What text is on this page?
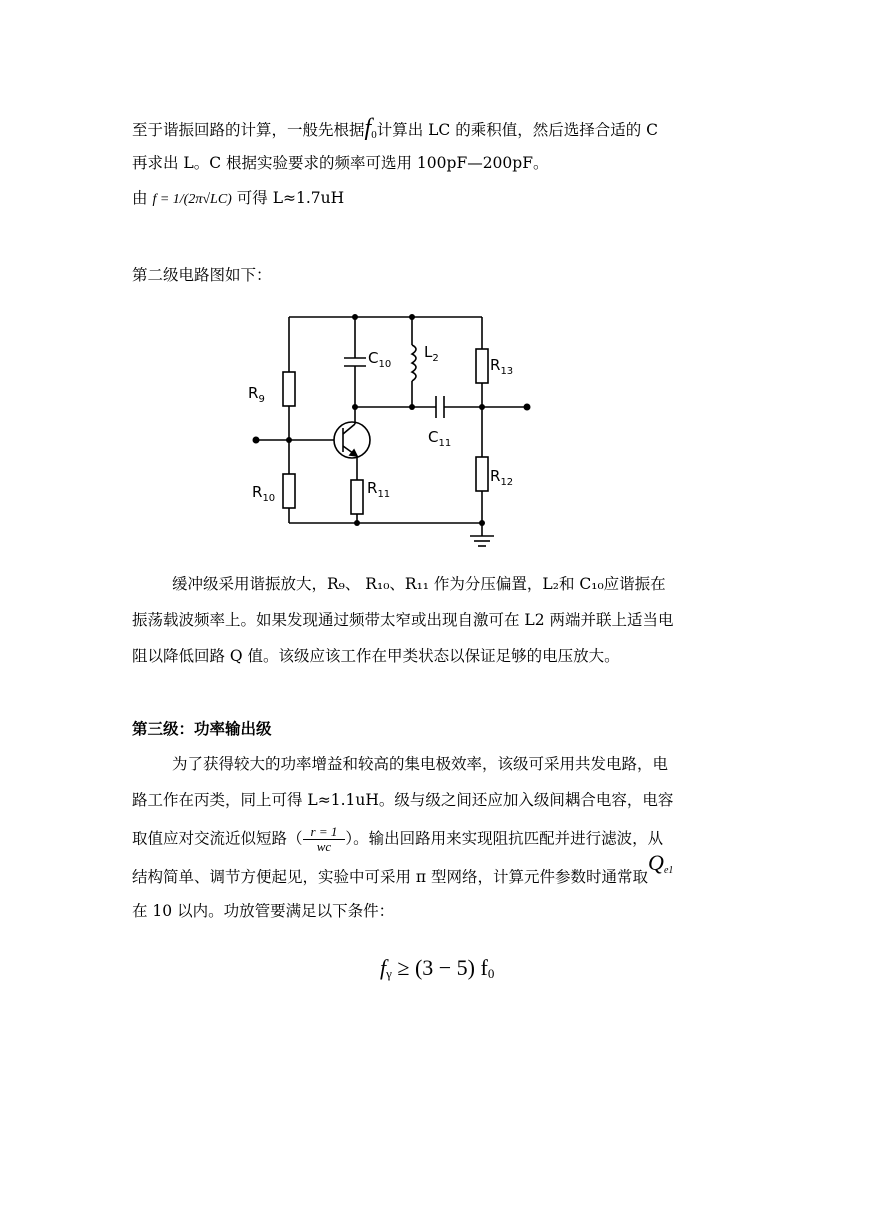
至于谐振回路的计算，一般先根据f0计算出 LC 的乘积值，然后选择合适的 C
再求出 L。C 根据实验要求的频率可选用 100pF—200pF。
由 f = 1/(2π√LC) 可得 L≈1.7uH
第二级电路图如下：
$R_9$
$R_{10}$
$R_{11}$
$R_{12}$
$R_{13}$
$C_{10}$
$C_{11}$
$L_2$
缓冲级采用谐振放大，R₉、 R₁₀、R₁₁ 作为分压偏置，L₂和 C₁₀应谐振在
振荡载波频率上。如果发现通过频带太窄或出现自激可在 L2 两端并联上适当电
阻以降低回路 Q 值。该级应该工作在甲类状态以保证足够的电压放大。
第三级：功率输出级
为了获得较大的功率增益和较高的集电极效率，该级可采用共发电路，电
路工作在丙类，同上可得 L≈1.1uH。级与级之间还应加入级间耦合电容，电容
取值应对交流近似短路（ $\frac{r = 1}{wc}$ ）。输出回路用来实现阻抗匹配并进行滤波，从
结构简单、调节方便起见，实验中可采用 π 型网络，计算元件参数时通常取Qe1
在 10 以内。功放管要满足以下条件：
fγ ≥ (3 − 5) f0
